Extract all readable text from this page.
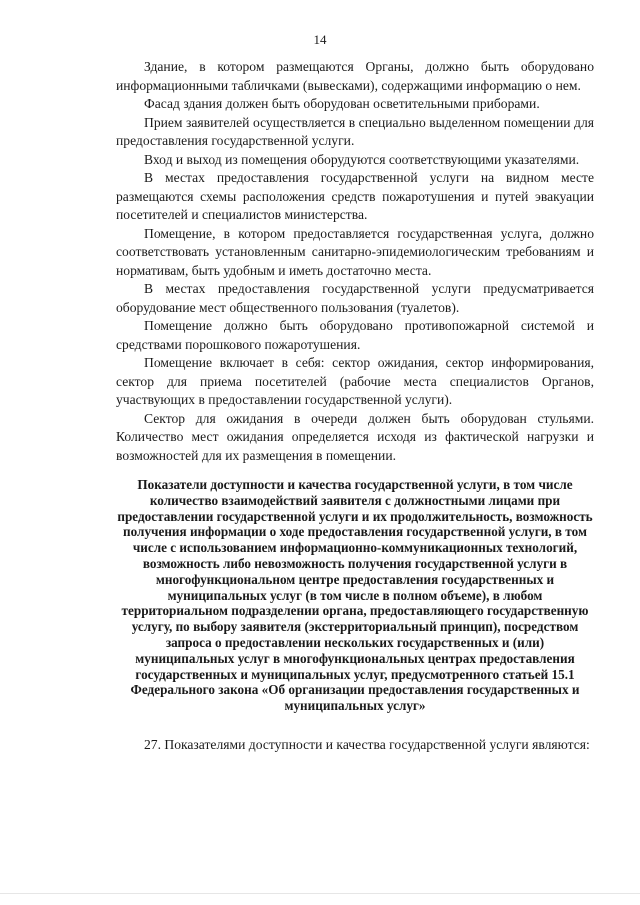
14

Здание, в котором размещаются Органы, должно быть оборудовано информационными табличками (вывесками), содержащими информацию о нем.

Фасад здания должен быть оборудован осветительными приборами.

Прием заявителей осуществляется в специально выделенном помещении для предоставления государственной услуги.

Вход и выход из помещения оборудуются соответствующими указателями.

В местах предоставления государственной услуги на видном месте размещаются схемы расположения средств пожаротушения и путей эвакуации посетителей и специалистов министерства.

Помещение, в котором предоставляется государственная услуга, должно соответствовать установленным санитарно-эпидемиологическим требованиям и нормативам, быть удобным и иметь достаточно места.

В местах предоставления государственной услуги предусматривается оборудование мест общественного пользования (туалетов).

Помещение должно быть оборудовано противопожарной системой и средствами порошкового пожаротушения.

Помещение включает в себя: сектор ожидания, сектор информирования, сектор для приема посетителей (рабочие места специалистов Органов, участвующих в предоставлении государственной услуги).

Сектор для ожидания в очереди должен быть оборудован стульями. Количество мест ожидания определяется исходя из фактической нагрузки и возможностей для их размещения в помещении.

Показатели доступности и качества государственной услуги, в том числе количество взаимодействий заявителя с должностными лицами при предоставлении государственной услуги и их продолжительность, возможность получения информации о ходе предоставления государственной услуги, в том числе с использованием информационно-коммуникационных технологий, возможность либо невозможность получения государственной услуги в многофункциональном центре предоставления государственных и муниципальных услуг (в том числе в полном объеме), в любом территориальном подразделении органа, предоставляющего государственную услугу, по выбору заявителя (экстерриториальный принцип), посредством запроса о предоставлении нескольких государственных и (или) муниципальных услуг в многофункциональных центрах предоставления государственных и муниципальных услуг, предусмотренного статьей 15.1 Федерального закона «Об организации предоставления государственных и муниципальных услуг»

27. Показателями доступности и качества государственной услуги являются:
